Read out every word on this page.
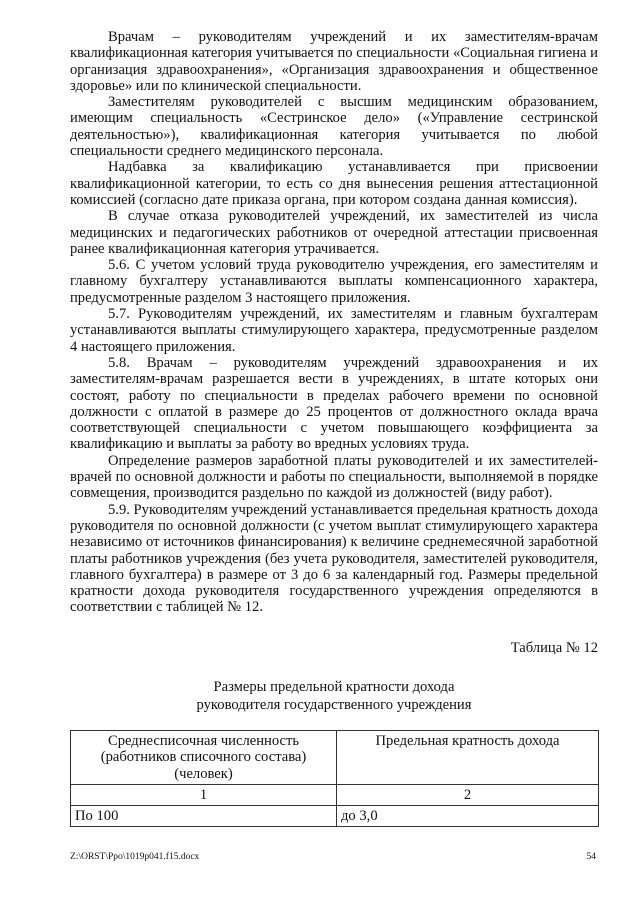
Врачам – руководителям учреждений и их заместителям-врачам квалификационная категория учитывается по специальности «Социальная гигиена и организация здравоохранения», «Организация здравоохранения и общественное здоровье» или по клинической специальности.

Заместителям руководителей с высшим медицинским образованием, имеющим специальность «Сестринское дело» («Управление сестринской деятельностью»), квалификационная категория учитывается по любой специальности среднего медицинского персонала.

Надбавка за квалификацию устанавливается при присвоении квалификационной категории, то есть со дня вынесения решения аттестационной комиссией (согласно дате приказа органа, при котором создана данная комиссия).

В случае отказа руководителей учреждений, их заместителей из числа медицинских и педагогических работников от очередной аттестации присвоенная ранее квалификационная категория утрачивается.

5.6. С учетом условий труда руководителю учреждения, его заместителям и главному бухгалтеру устанавливаются выплаты компенсационного характера, предусмотренные разделом 3 настоящего приложения.

5.7. Руководителям учреждений, их заместителям и главным бухгалтерам устанавливаются выплаты стимулирующего характера, предусмотренные разделом 4 настоящего приложения.

5.8. Врачам – руководителям учреждений здравоохранения и их заместителям-врачам разрешается вести в учреждениях, в штате которых они состоят, работу по специальности в пределах рабочего времени по основной должности с оплатой в размере до 25 процентов от должностного оклада врача соответствующей специальности с учетом повышающего коэффициента за квалификацию и выплаты за работу во вредных условиях труда.

Определение размеров заработной платы руководителей и их заместителей-врачей по основной должности и работы по специальности, выполняемой в порядке совмещения, производится раздельно по каждой из должностей (виду работ).

5.9. Руководителям учреждений устанавливается предельная кратность дохода руководителя по основной должности (с учетом выплат стимулирующего характера независимо от источников финансирования) к величине среднемесячной заработной платы работников учреждения (без учета руководителя, заместителей руководителя, главного бухгалтера) в размере от 3 до 6 за календарный год. Размеры предельной кратности дохода руководителя государственного учреждения определяются в соответствии с таблицей № 12.

Таблица № 12
Размеры предельной кратности дохода
руководителя государственного учреждения
Среднесписочная численность (работников списочного состава) (человек)	Предельная кратность дохода
1	2
По 100	до 3,0
Z:\ORST\Ppo\1019p041.f15.docx	54
